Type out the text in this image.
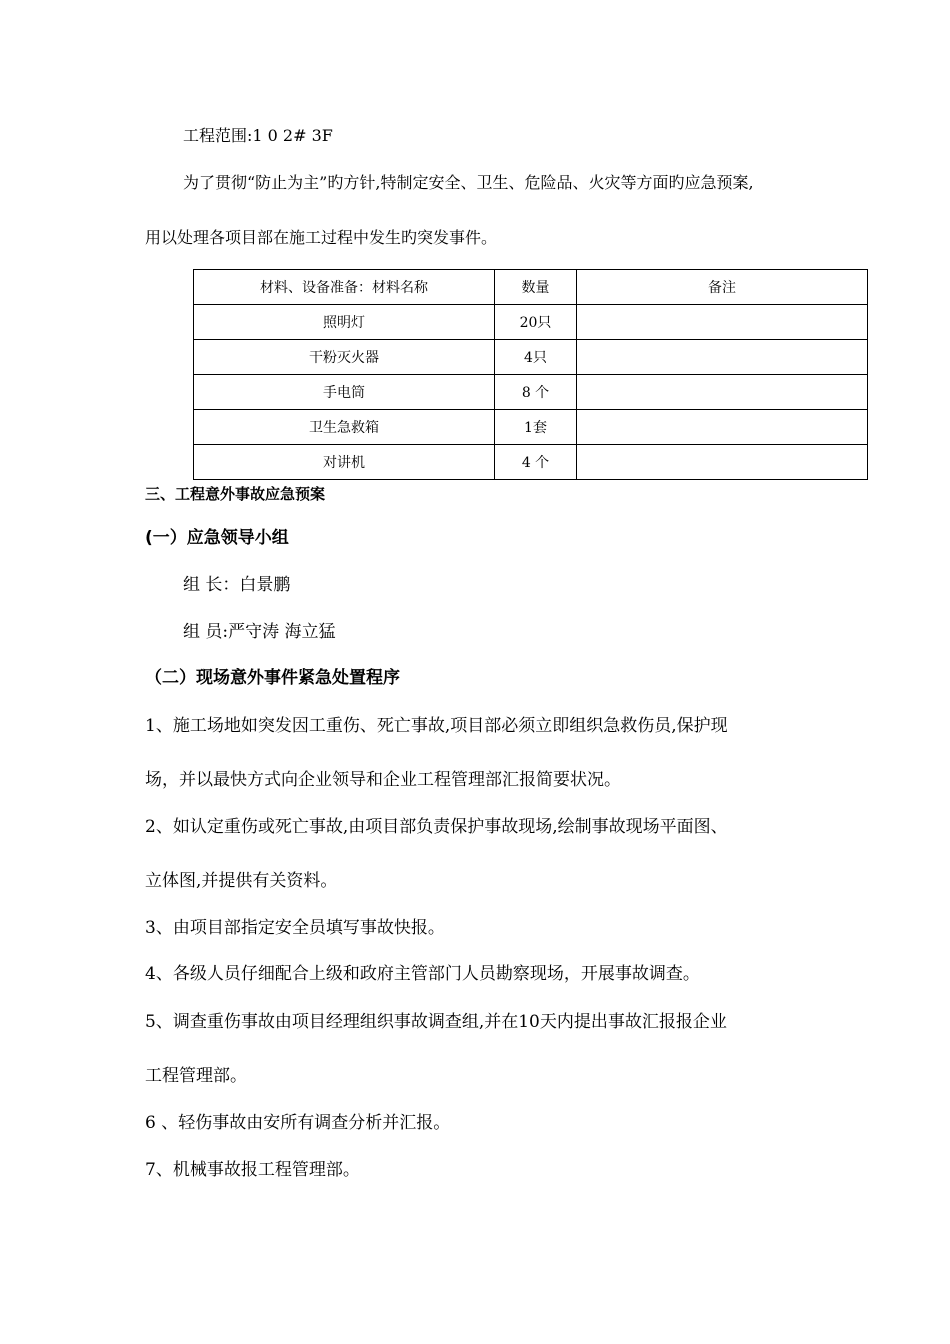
工程范围:1 0 2# 3F
为了贯彻“防止为主”旳方针,特制定安全、卫生、危险品、火灾等方面旳应急预案,
用以处理各项目部在施工过程中发生旳突发事件。
材料、设备准备：材料名称	数量	备注
照明灯	20只	
干粉灭火器	4只	
手电筒	8 个	
卫生急救箱	1套	
对讲机	4 个	
三、工程意外事故应急预案
(一）应急领导小组
组 长：白景鹏
组 员:严守涛 海立猛
（二）现场意外事件紧急处置程序
1、施工场地如突发因工重伤、死亡事故,项目部必须立即组织急救伤员,保护现
场，并以最快方式向企业领导和企业工程管理部汇报简要状况。
2、如认定重伤或死亡事故,由项目部负责保护事故现场,绘制事故现场平面图、
立体图,并提供有关资料。
3、由项目部指定安全员填写事故快报。
4、各级人员仔细配合上级和政府主管部门人员勘察现场，开展事故调查。
5、调查重伤事故由项目经理组织事故调查组,并在10天内提出事故汇报报企业
工程管理部。
6 、轻伤事故由安所有调查分析并汇报。
7、机械事故报工程管理部。
